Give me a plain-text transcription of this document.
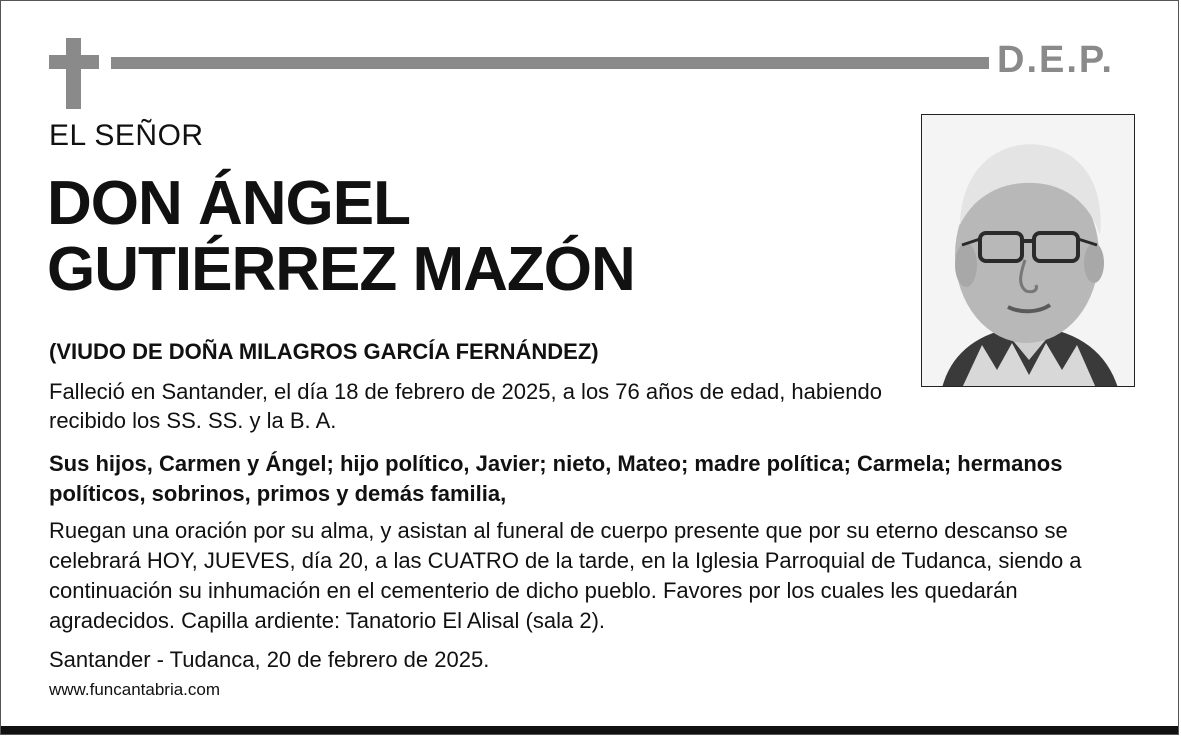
D.E.P.
EL SEÑOR
DON ÁNGEL
GUTIÉRREZ MAZÓN
(VIUDO DE DOÑA MILAGROS GARCÍA FERNÁNDEZ)
Falleció en Santander, el día 18 de febrero de 2025, a los 76 años de edad, habiendo recibido los SS. SS. y la B. A.
Sus hijos, Carmen y Ángel; hijo político, Javier; nieto, Mateo; madre política; Carmela; hermanos políticos, sobrinos, primos y demás familia,
Ruegan una oración por su alma, y asistan al funeral de cuerpo presente que por su eterno descanso se celebrará HOY, JUEVES, día 20, a las CUATRO de la tarde, en la Iglesia Parroquial de Tudanca, siendo a continuación su inhumación en el cementerio de dicho pueblo. Favores por los cuales les quedarán agradecidos. Capilla ardiente: Tanatorio El Alisal (sala 2).
Santander - Tudanca, 20 de febrero de 2025.
www.funcantabria.com
